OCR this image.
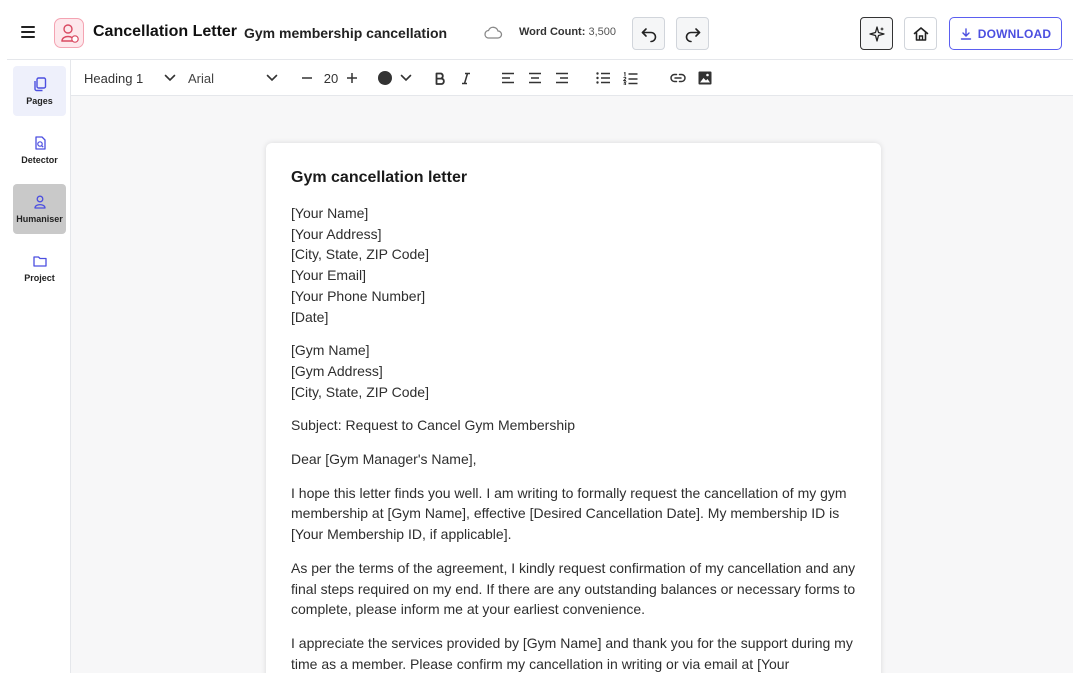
Cancellation Letter Gym membership cancellation	Word Count: 3,500	DOWNLOAD
Pages
Detector
Humaniser
Project
Heading 1	Arial	20
Gym cancellation letter
[Your Name]
[Your Address]
[City, State, ZIP Code]
[Your Email]
[Your Phone Number]
[Date]
[Gym Name]
[Gym Address]
[City, State, ZIP Code]
Subject: Request to Cancel Gym Membership
Dear [Gym Manager's Name],
I hope this letter finds you well. I am writing to formally request the cancellation of my gym membership at [Gym Name], effective [Desired Cancellation Date]. My membership ID is [Your Membership ID, if applicable].
As per the terms of the agreement, I kindly request confirmation of my cancellation and any final steps required on my end. If there are any outstanding balances or necessary forms to complete, please inform me at your earliest convenience.
I appreciate the services provided by [Gym Name] and thank you for the support during my time as a member. Please confirm my cancellation in writing or via email at [Your
